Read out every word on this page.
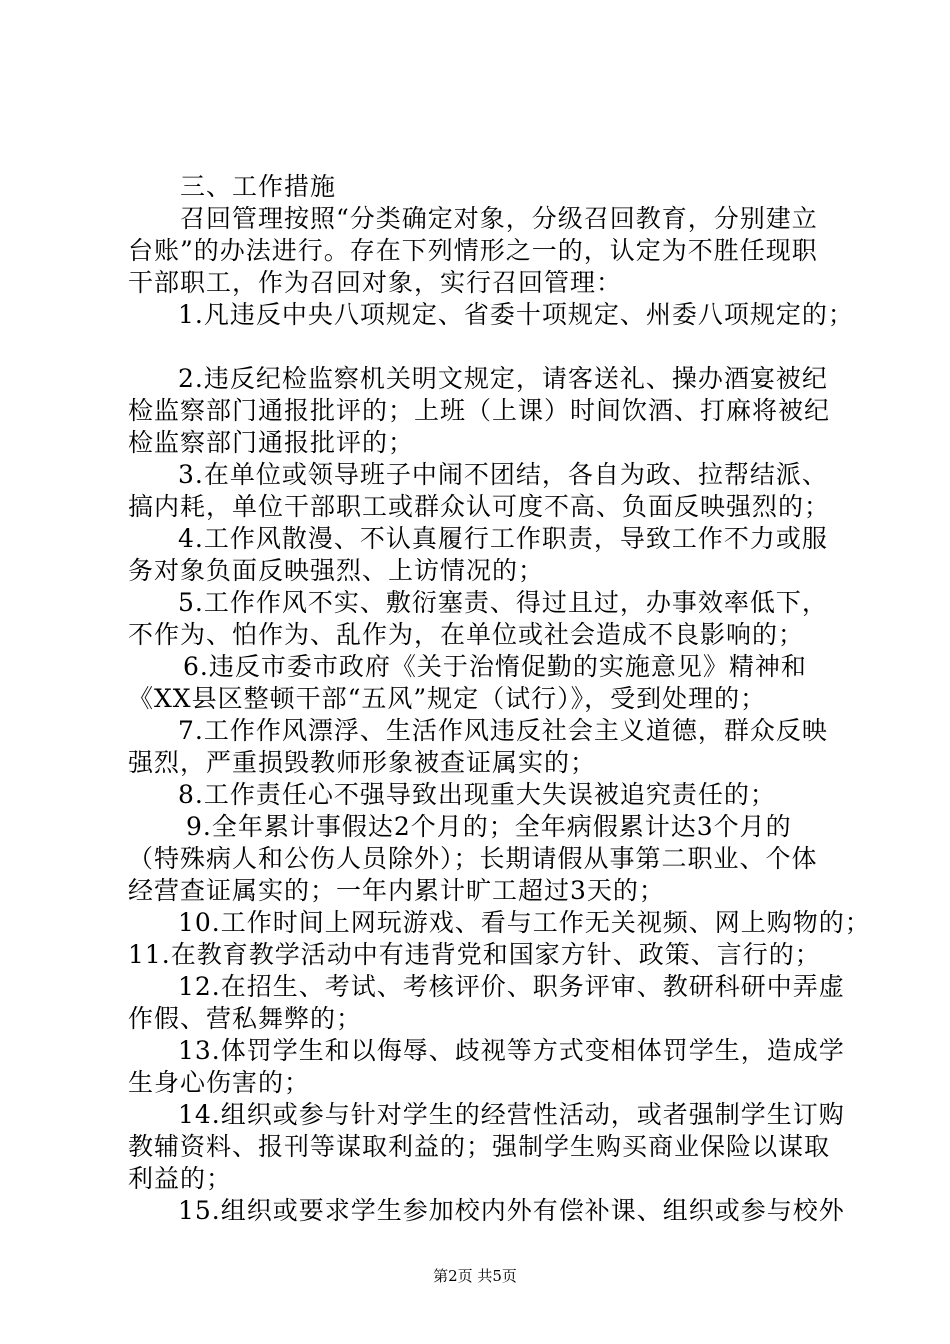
三、工作措施
召回管理按照“分类确定对象，分级召回教育，分别建立
台账”的办法进行。存在下列情形之一的，认定为不胜任现职
干部职工，作为召回对象，实行召回管理：
1.凡违反中央八项规定、省委十项规定、州委八项规定的；
2.违反纪检监察机关明文规定，请客送礼、操办酒宴被纪
检监察部门通报批评的；上班（上课）时间饮酒、打麻将被纪
检监察部门通报批评的；
3.在单位或领导班子中闹不团结，各自为政、拉帮结派、
搞内耗，单位干部职工或群众认可度不高、负面反映强烈的；
4.工作风散漫、不认真履行工作职责，导致工作不力或服
务对象负面反映强烈、上访情况的；
5.工作作风不实、敷衍塞责、得过且过，办事效率低下，
不作为、怕作为、乱作为，在单位或社会造成不良影响的；
6.违反市委市政府《关于治惰促勤的实施意见》精神和
《XX县区整顿干部“五风”规定（试行）》，受到处理的；
7.工作作风漂浮、生活作风违反社会主义道德，群众反映
强烈，严重损毁教师形象被查证属实的；
8.工作责任心不强导致出现重大失误被追究责任的；
9.全年累计事假达2个月的；全年病假累计达3个月的
（特殊病人和公伤人员除外）；长期请假从事第二职业、个体
经营查证属实的；一年内累计旷工超过3天的；
10.工作时间上网玩游戏、看与工作无关视频、网上购物的；
11.在教育教学活动中有违背党和国家方针、政策、言行的；
12.在招生、考试、考核评价、职务评审、教研科研中弄虚
作假、营私舞弊的；
13.体罚学生和以侮辱、歧视等方式变相体罚学生，造成学
生身心伤害的；
14.组织或参与针对学生的经营性活动，或者强制学生订购
教辅资料、报刊等谋取利益的；强制学生购买商业保险以谋取
利益的；
15.组织或要求学生参加校内外有偿补课、组织或参与校外
第2页 共5页
